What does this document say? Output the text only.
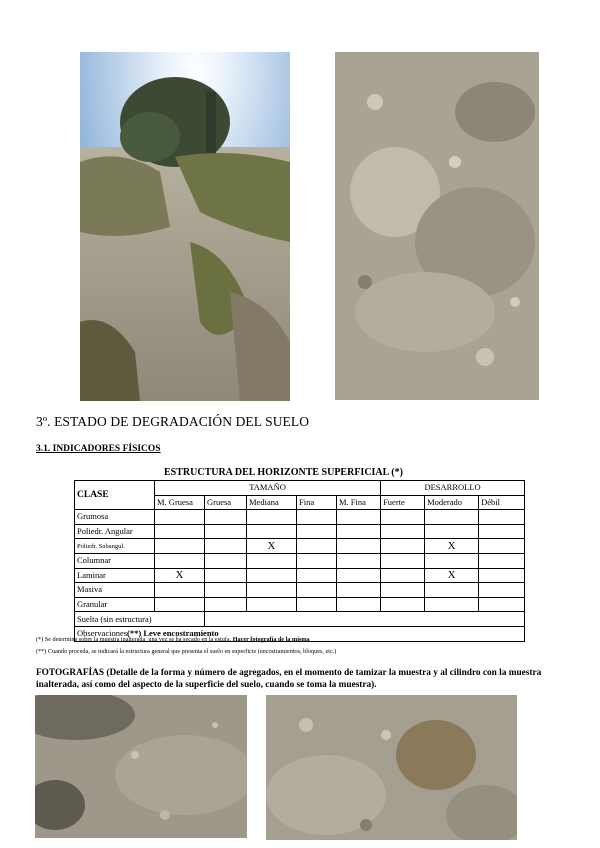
3º. ESTADO DE DEGRADACIÓN DEL SUELO
3.1. INDICADORES FÍSICOS
ESTRUCTURA DEL HORIZONTE SUPERFICIAL (*)
CLASE	TAMAÑO					DESARROLLO		
	M. Gruesa	Gruesa	Mediana	Fina	M. Fina	Fuerte	Moderado	Débil
Grumosa								
Poliedr. Angular								
Poliedr. Subangul.			X				X	
Columnar								
Laminar	X						X	
Masiva								
Granular								
Suelta (sin estructura)								
Observaciones(**) Leve encostramiento								
(*) Se determina sobre la muestra inalterada, una vez se ha secado en la estufa. Hacer fotografía de la misma
(**) Cuando proceda, se indicará la estructura general que presenta el suelo en superficie (encostramientos, bloques, etc.)
FOTOGRAFÍAS (Detalle de la forma y número de agregados, en el momento de tamizar la muestra y al cilindro con la muestra inalterada, así como del aspecto de la superficie del suelo, cuando se toma la muestra).
